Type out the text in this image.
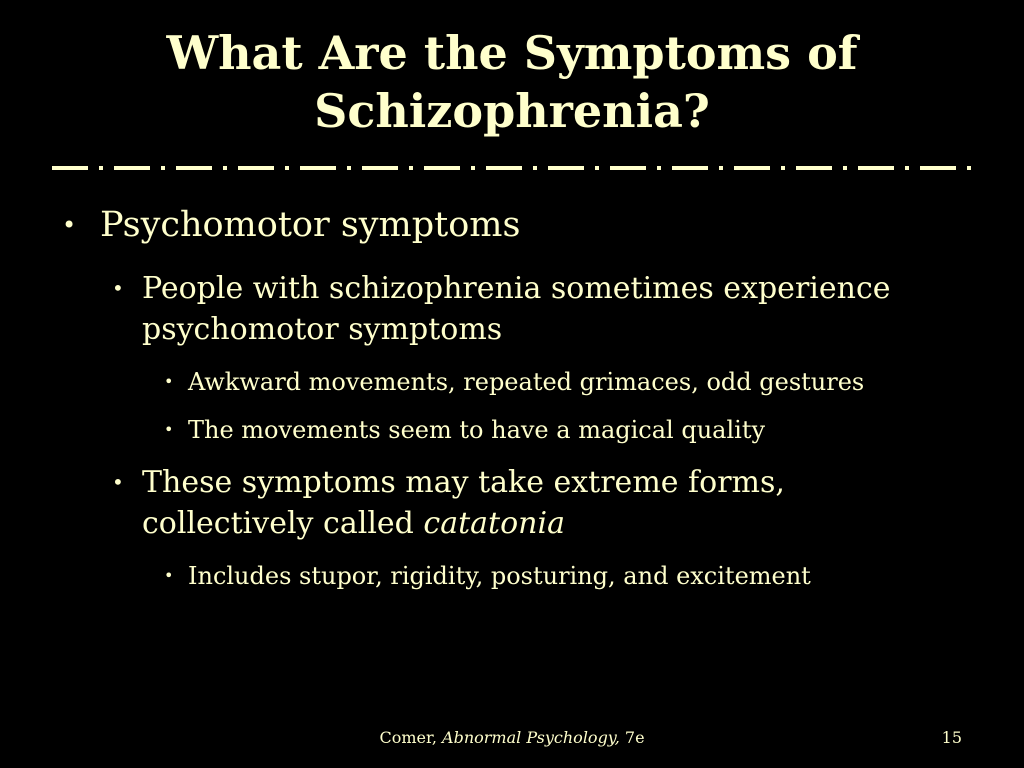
What Are the Symptoms of Schizophrenia?
• Psychomotor symptoms
• People with schizophrenia sometimes experience psychomotor symptoms
• Awkward movements, repeated grimaces, odd gestures
• The movements seem to have a magical quality
• These symptoms may take extreme forms, collectively called catatonia
• Includes stupor, rigidity, posturing, and excitement
Comer, Abnormal Psychology, 7e	15
